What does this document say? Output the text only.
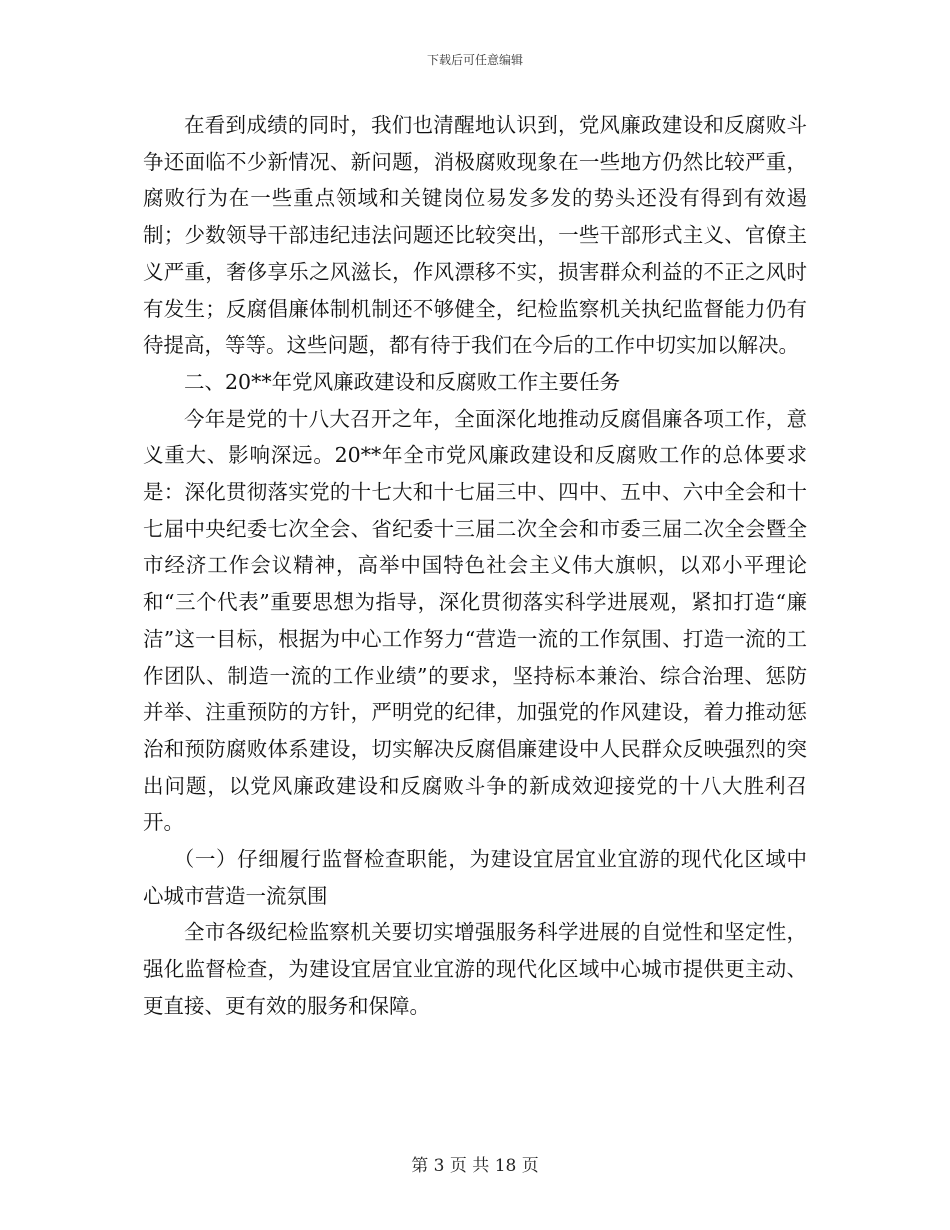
下载后可任意编辑

在看到成绩的同时，我们也清醒地认识到，党风廉政建设和反腐败斗争还面临不少新情况、新问题，消极腐败现象在一些地方仍然比较严重，腐败行为在一些重点领域和关键岗位易发多发的势头还没有得到有效遏制；少数领导干部违纪违法问题还比较突出，一些干部形式主义、官僚主义严重，奢侈享乐之风滋长，作风漂移不实，损害群众利益的不正之风时有发生；反腐倡廉体制机制还不够健全，纪检监察机关执纪监督能力仍有待提高，等等。这些问题，都有待于我们在今后的工作中切实加以解决。

二、20**年党风廉政建设和反腐败工作主要任务

今年是党的十八大召开之年，全面深化地推动反腐倡廉各项工作，意义重大、影响深远。20**年全市党风廉政建设和反腐败工作的总体要求是：深化贯彻落实党的十七大和十七届三中、四中、五中、六中全会和十七届中央纪委七次全会、省纪委十三届二次全会和市委三届二次全会暨全市经济工作会议精神，高举中国特色社会主义伟大旗帜，以邓小平理论和“三个代表”重要思想为指导，深化贯彻落实科学进展观，紧扣打造“廉洁”这一目标，根据为中心工作努力“营造一流的工作氛围、打造一流的工作团队、制造一流的工作业绩”的要求，坚持标本兼治、综合治理、惩防并举、注重预防的方针，严明党的纪律，加强党的作风建设，着力推动惩治和预防腐败体系建设，切实解决反腐倡廉建设中人民群众反映强烈的突出问题，以党风廉政建设和反腐败斗争的新成效迎接党的十八大胜利召开。

（一）仔细履行监督检查职能，为建设宜居宜业宜游的现代化区域中心城市营造一流氛围

全市各级纪检监察机关要切实增强服务科学进展的自觉性和坚定性，强化监督检查，为建设宜居宜业宜游的现代化区域中心城市提供更主动、更直接、更有效的服务和保障。

第 3 页 共 18 页
